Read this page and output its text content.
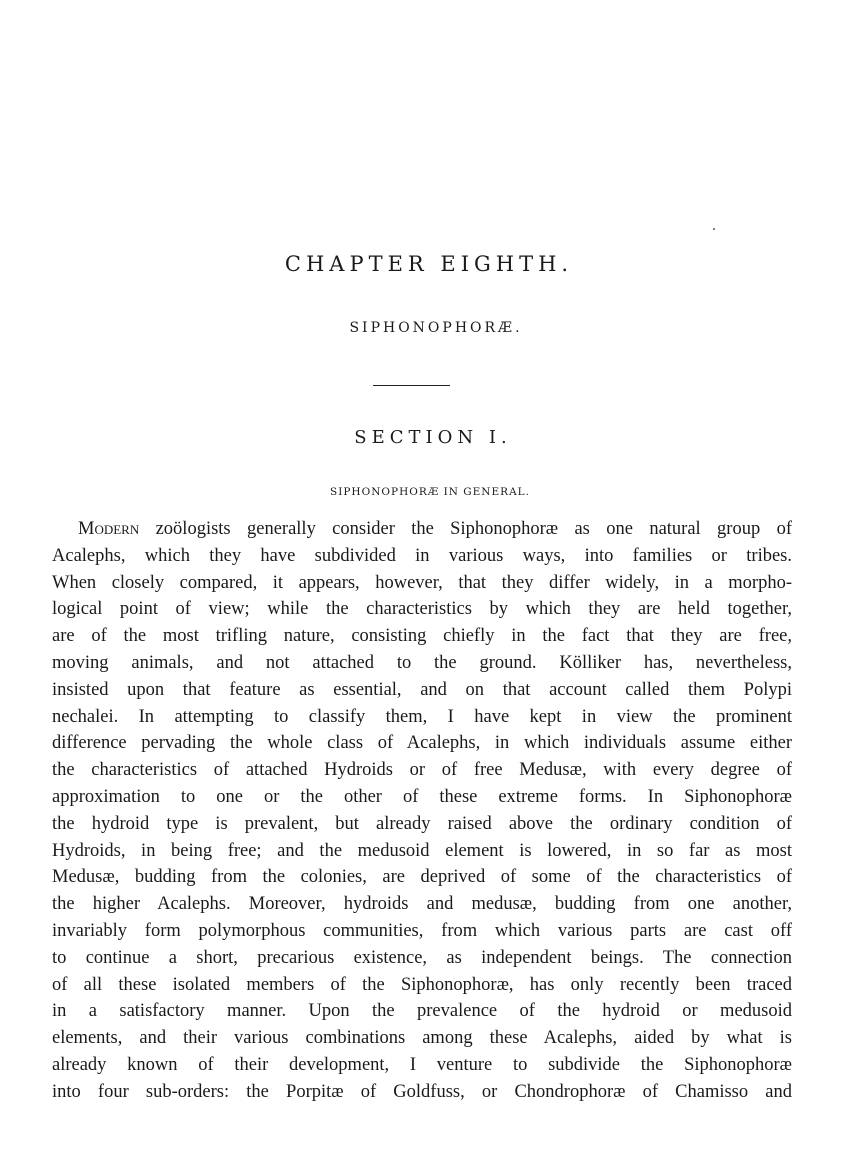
CHAPTER EIGHTH.
SIPHONOPHORÆ.
SECTION I.
SIPHONOPHORÆ IN GENERAL.
Modern zoölogists generally consider the Siphonophoræ as one natural group of
Acalephs, which they have subdivided in various ways, into families or tribes.
When closely compared, it appears, however, that they differ widely, in a morpho-
logical point of view; while the characteristics by which they are held together,
are of the most trifling nature, consisting chiefly in the fact that they are free,
moving animals, and not attached to the ground. Kölliker has, nevertheless,
insisted upon that feature as essential, and on that account called them Polypi
nechalei. In attempting to classify them, I have kept in view the prominent
difference pervading the whole class of Acalephs, in which individuals assume either
the characteristics of attached Hydroids or of free Medusæ, with every degree of
approximation to one or the other of these extreme forms. In Siphonophoræ
the hydroid type is prevalent, but already raised above the ordinary condition of
Hydroids, in being free; and the medusoid element is lowered, in so far as most
Medusæ, budding from the colonies, are deprived of some of the characteristics of
the higher Acalephs. Moreover, hydroids and medusæ, budding from one another,
invariably form polymorphous communities, from which various parts are cast off
to continue a short, precarious existence, as independent beings. The connection
of all these isolated members of the Siphonophoræ, has only recently been traced
in a satisfactory manner. Upon the prevalence of the hydroid or medusoid
elements, and their various combinations among these Acalephs, aided by what is
already known of their development, I venture to subdivide the Siphonophoræ
into four sub-orders: the Porpitæ of Goldfuss, or Chondrophoræ of Chamisso and
